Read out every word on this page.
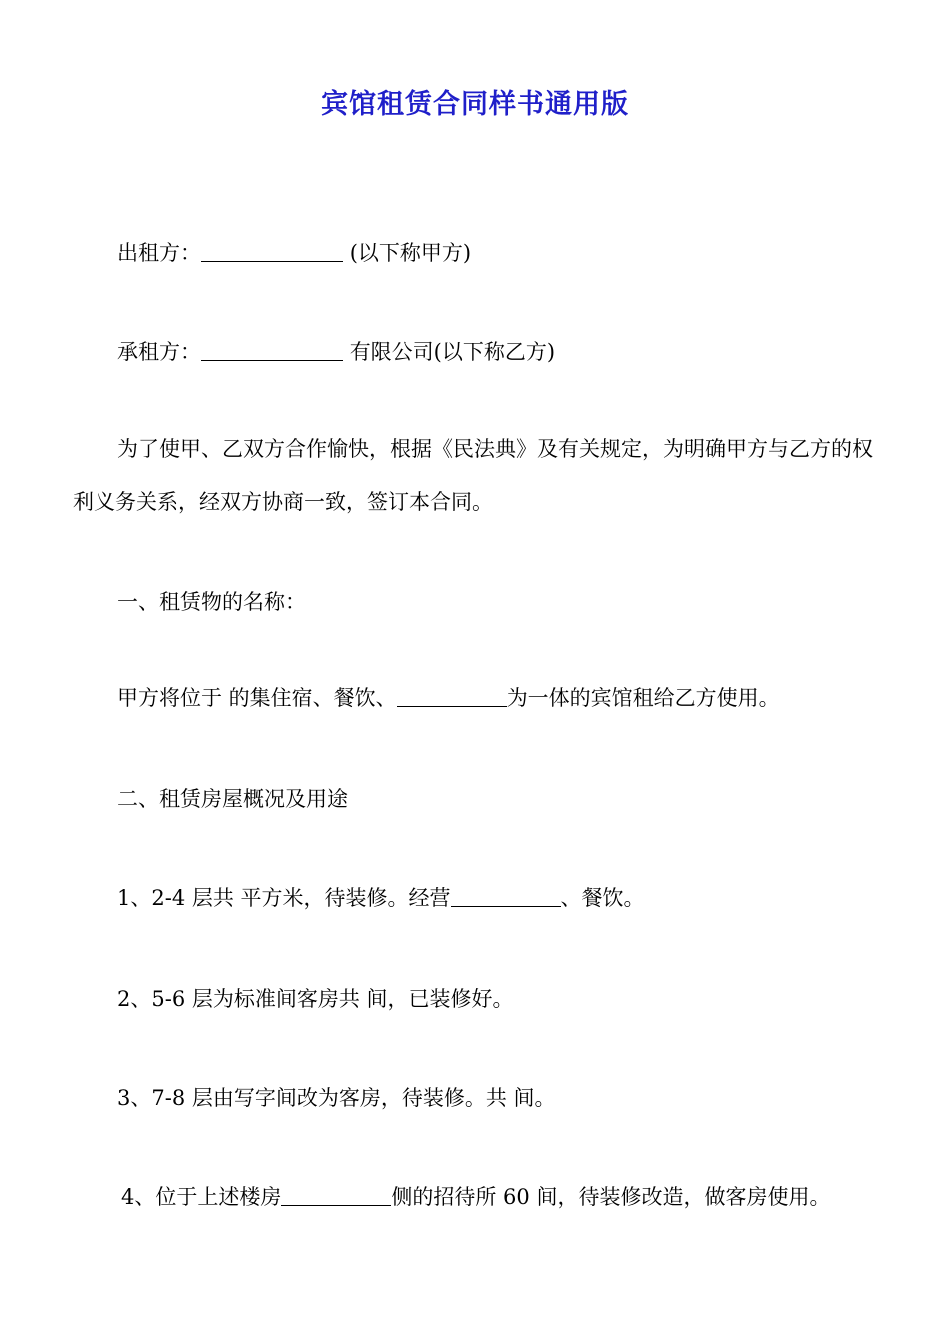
宾馆租赁合同样书通用版
出租方：	(以下称甲方)
承租方：	有限公司(以下称乙方)
为了使甲、乙双方合作愉快，根据《民法典》及有关规定，为明确甲方与乙方的权利义务关系，经双方协商一致，签订本合同。
一、租赁物的名称：
甲方将位于 的集住宿、餐饮、	为一体的宾馆租给乙方使用。
二、租赁房屋概况及用途
1、2-4 层共 平方米，待装修。经营	、餐饮。
2、5-6 层为标准间客房共 间，已装修好。
3、7-8 层由写字间改为客房，待装修。共 间。
4、位于上述楼房	侧的招待所 60 间，待装修改造，做客房使用。
